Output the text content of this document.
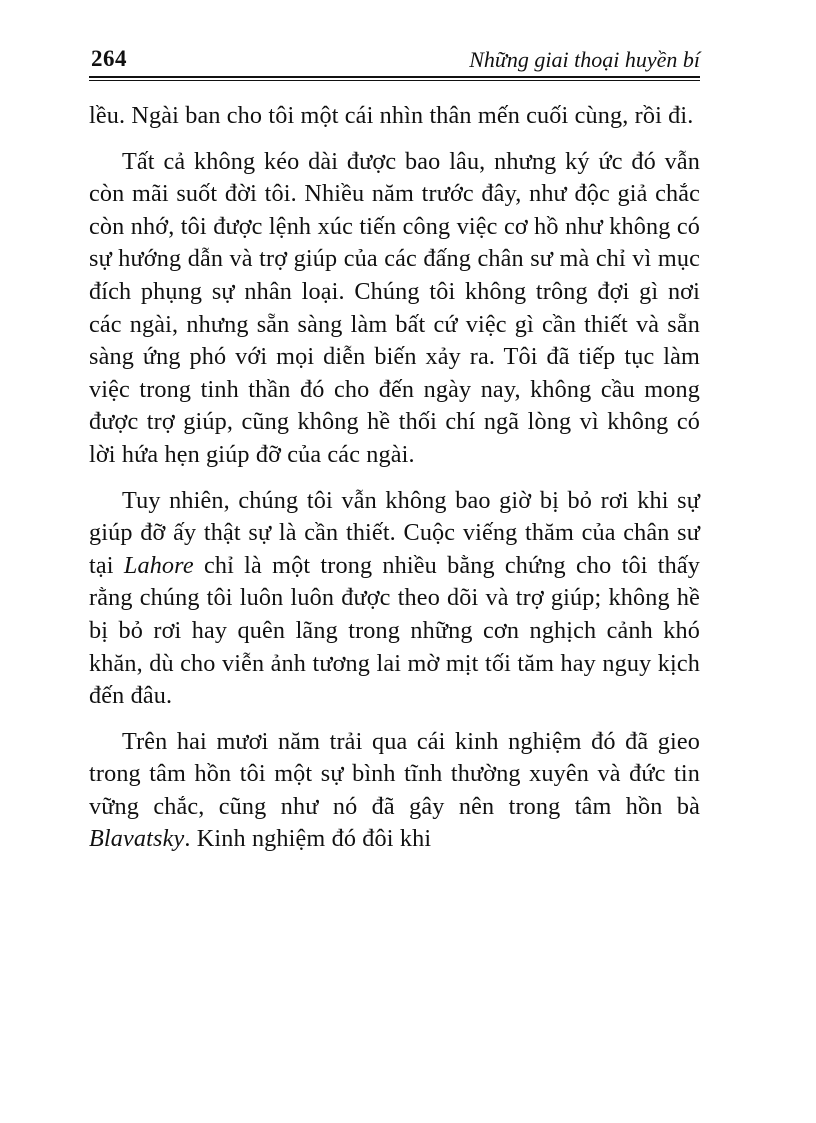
264	Những giai thoại huyền bí

lều. Ngài ban cho tôi một cái nhìn thân mến cuối cùng, rồi đi.

Tất cả không kéo dài được bao lâu, nhưng ký ức đó vẫn còn mãi suốt đời tôi. Nhiều năm trước đây, như độc giả chắc còn nhớ, tôi được lệnh xúc tiến công việc cơ hồ như không có sự hướng dẫn và trợ giúp của các đấng chân sư mà chỉ vì mục đích phụng sự nhân loại. Chúng tôi không trông đợi gì nơi các ngài, nhưng sẵn sàng làm bất cứ việc gì cần thiết và sẵn sàng ứng phó với mọi diễn biến xảy ra. Tôi đã tiếp tục làm việc trong tinh thần đó cho đến ngày nay, không cầu mong được trợ giúp, cũng không hề thối chí ngã lòng vì không có lời hứa hẹn giúp đỡ của các ngài.

Tuy nhiên, chúng tôi vẫn không bao giờ bị bỏ rơi khi sự giúp đỡ ấy thật sự là cần thiết. Cuộc viếng thăm của chân sư tại Lahore chỉ là một trong nhiều bằng chứng cho tôi thấy rằng chúng tôi luôn luôn được theo dõi và trợ giúp; không hề bị bỏ rơi hay quên lãng trong những cơn nghịch cảnh khó khăn, dù cho viễn ảnh tương lai mờ mịt tối tăm hay nguy kịch đến đâu.

Trên hai mươi năm trải qua cái kinh nghiệm đó đã gieo trong tâm hồn tôi một sự bình tĩnh thường xuyên và đức tin vững chắc, cũng như nó đã gây nên trong tâm hồn bà Blavatsky. Kinh nghiệm đó đôi khi
